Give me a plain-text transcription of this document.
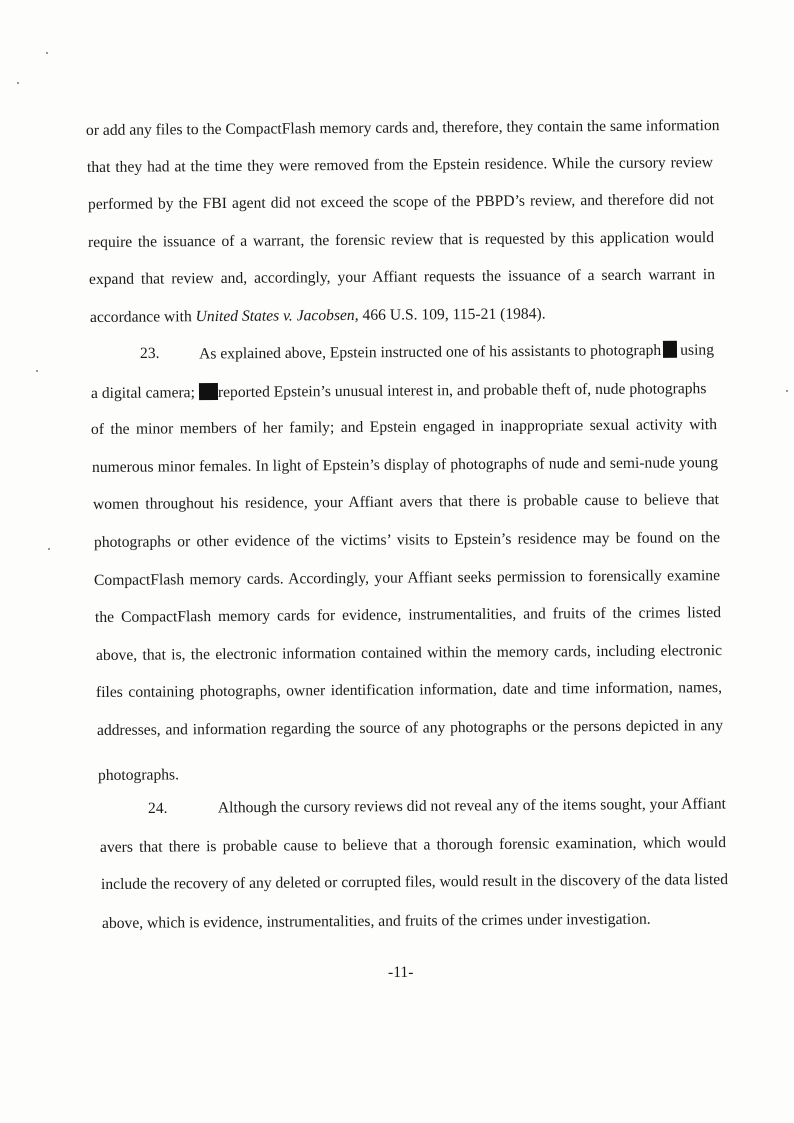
or add any files to the CompactFlash memory cards and, therefore, they contain the same information
that they had at the time they were removed from the Epstein residence. While the cursory review
performed by the FBI agent did not exceed the scope of the PBPD’s review, and therefore did not
require the issuance of a warrant, the forensic review that is requested by this application would
expand that review and, accordingly, your Affiant requests the issuance of a search warrant in
accordance with United States v. Jacobsen, 466 U.S. 109, 115-21 (1984).
23.	As explained above, Epstein instructed one of his assistants to photograph using
a digital camera; reported Epstein’s unusual interest in, and probable theft of, nude photographs
of the minor members of her family; and Epstein engaged in inappropriate sexual activity with
numerous minor females. In light of Epstein’s display of photographs of nude and semi-nude young
women throughout his residence, your Affiant avers that there is probable cause to believe that
photographs or other evidence of the victims’ visits to Epstein’s residence may be found on the
CompactFlash memory cards. Accordingly, your Affiant seeks permission to forensically examine
the CompactFlash memory cards for evidence, instrumentalities, and fruits of the crimes listed
above, that is, the electronic information contained within the memory cards, including electronic
files containing photographs, owner identification information, date and time information, names,
addresses, and information regarding the source of any photographs or the persons depicted in any
photographs.
24.	Although the cursory reviews did not reveal any of the items sought, your Affiant
avers that there is probable cause to believe that a thorough forensic examination, which would
include the recovery of any deleted or corrupted files, would result in the discovery of the data listed
above, which is evidence, instrumentalities, and fruits of the crimes under investigation.
-11-
